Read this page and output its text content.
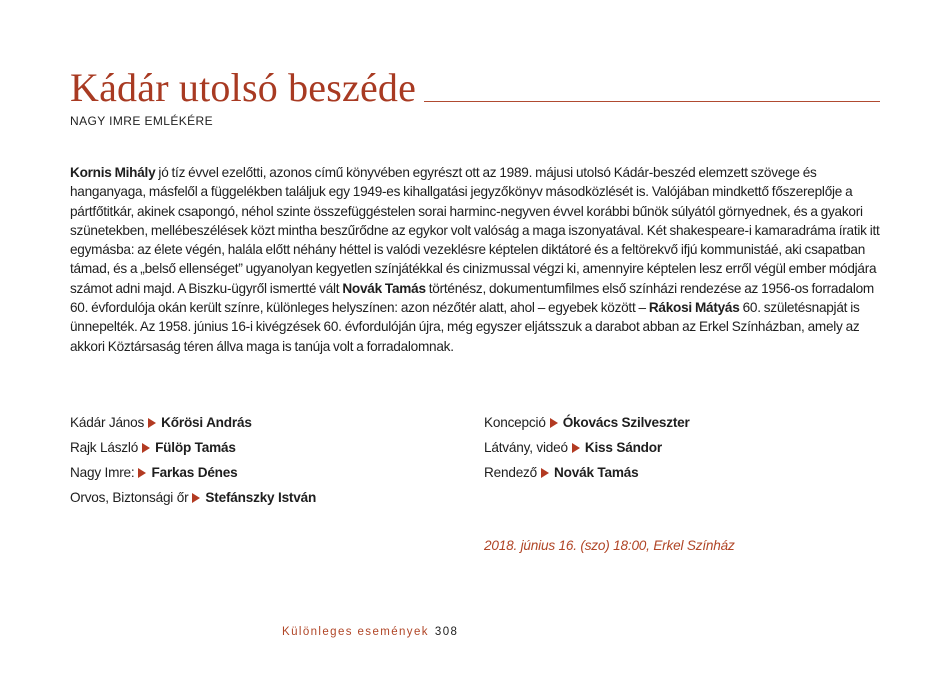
Kádár utolsó beszéde
NAGY IMRE EMLÉKÉRE
Kornis Mihály jó tíz évvel ezelőtti, azonos című könyvében egyrészt ott az 1989. májusi utolsó Kádár-beszéd elemzett szövege és hanganyaga, másfelől a függelékben találjuk egy 1949-es kihallgatási jegyzőkönyv másodközlését is. Valójában mindkettő főszereplője a pártfőtitkár, akinek csapongó, néhol szinte összefüggéstelen sorai harminc-negyven évvel korábbi bűnök súlyától görnyednek, és a gyakori szünetekben, mellébeszélések közt mintha beszűrődne az egykor volt valóság a maga iszonyatával. Két shakespeare-i kamaradráma íratik itt egymásba: az élete végén, halála előtt néhány héttel is valódi vezeklésre képtelen diktátoré és a feltörekvő ifjú kommunistáé, aki csapatban támad, és a „belső ellenséget” ugyanolyan kegyetlen színjátékkal és cinizmussal végzi ki, amennyire képtelen lesz erről végül ember módjára számot adni majd. A Biszku-ügyről ismertté vált Novák Tamás történész, dokumentumfilmes első színházi rendezése az 1956-os forradalom 60. évfordulója okán került színre, különleges helyszínen: azon nézőtér alatt, ahol – egyebek között – Rákosi Mátyás 60. születésnapját is ünnepelték. Az 1958. június 16-i kivégzések 60. évfordulóján újra, még egyszer eljátsszuk a darabot abban az Erkel Színházban, amely az akkori Köztársaság téren állva maga is tanúja volt a forradalomnak.
Kádár János Kőrösi András
Rajk László Fülöp Tamás
Nagy Imre: Farkas Dénes
Orvos, Biztonsági őr Stefánszky István
Koncepció Ókovács Szilveszter
Látvány, videó Kiss Sándor
Rendező Novák Tamás
2018. június 16. (szo) 18:00, Erkel Színház
Különleges események 308
